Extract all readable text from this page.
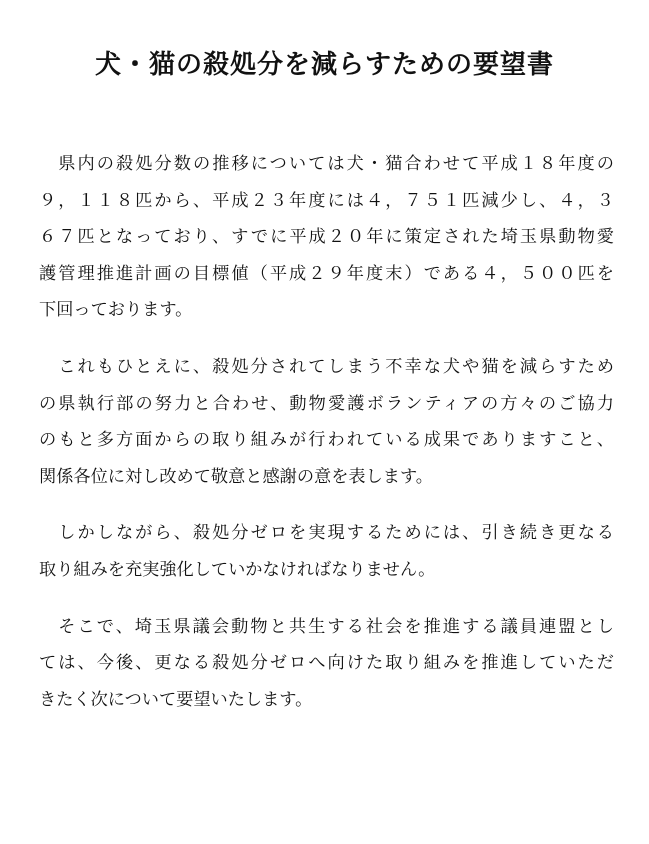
犬・猫の殺処分を減らすための要望書

　県内の殺処分数の推移については犬・猫合わせて平成１８年度の
９，１１８匹から、平成２３年度には４，７５１匹減少し、４，３
６７匹となっており、すでに平成２０年に策定された埼玉県動物愛
護管理推進計画の目標値（平成２９年度末）である４，５００匹を
下回っております。

　これもひとえに、殺処分されてしまう不幸な犬や猫を減らすため
の県執行部の努力と合わせ、動物愛護ボランティアの方々のご協力
のもと多方面からの取り組みが行われている成果でありますこと、
関係各位に対し改めて敬意と感謝の意を表します。

　しかしながら、殺処分ゼロを実現するためには、引き続き更なる
取り組みを充実強化していかなければなりません。

　そこで、埼玉県議会動物と共生する社会を推進する議員連盟とし
ては、今後、更なる殺処分ゼロへ向けた取り組みを推進していただ
きたく次について要望いたします。
